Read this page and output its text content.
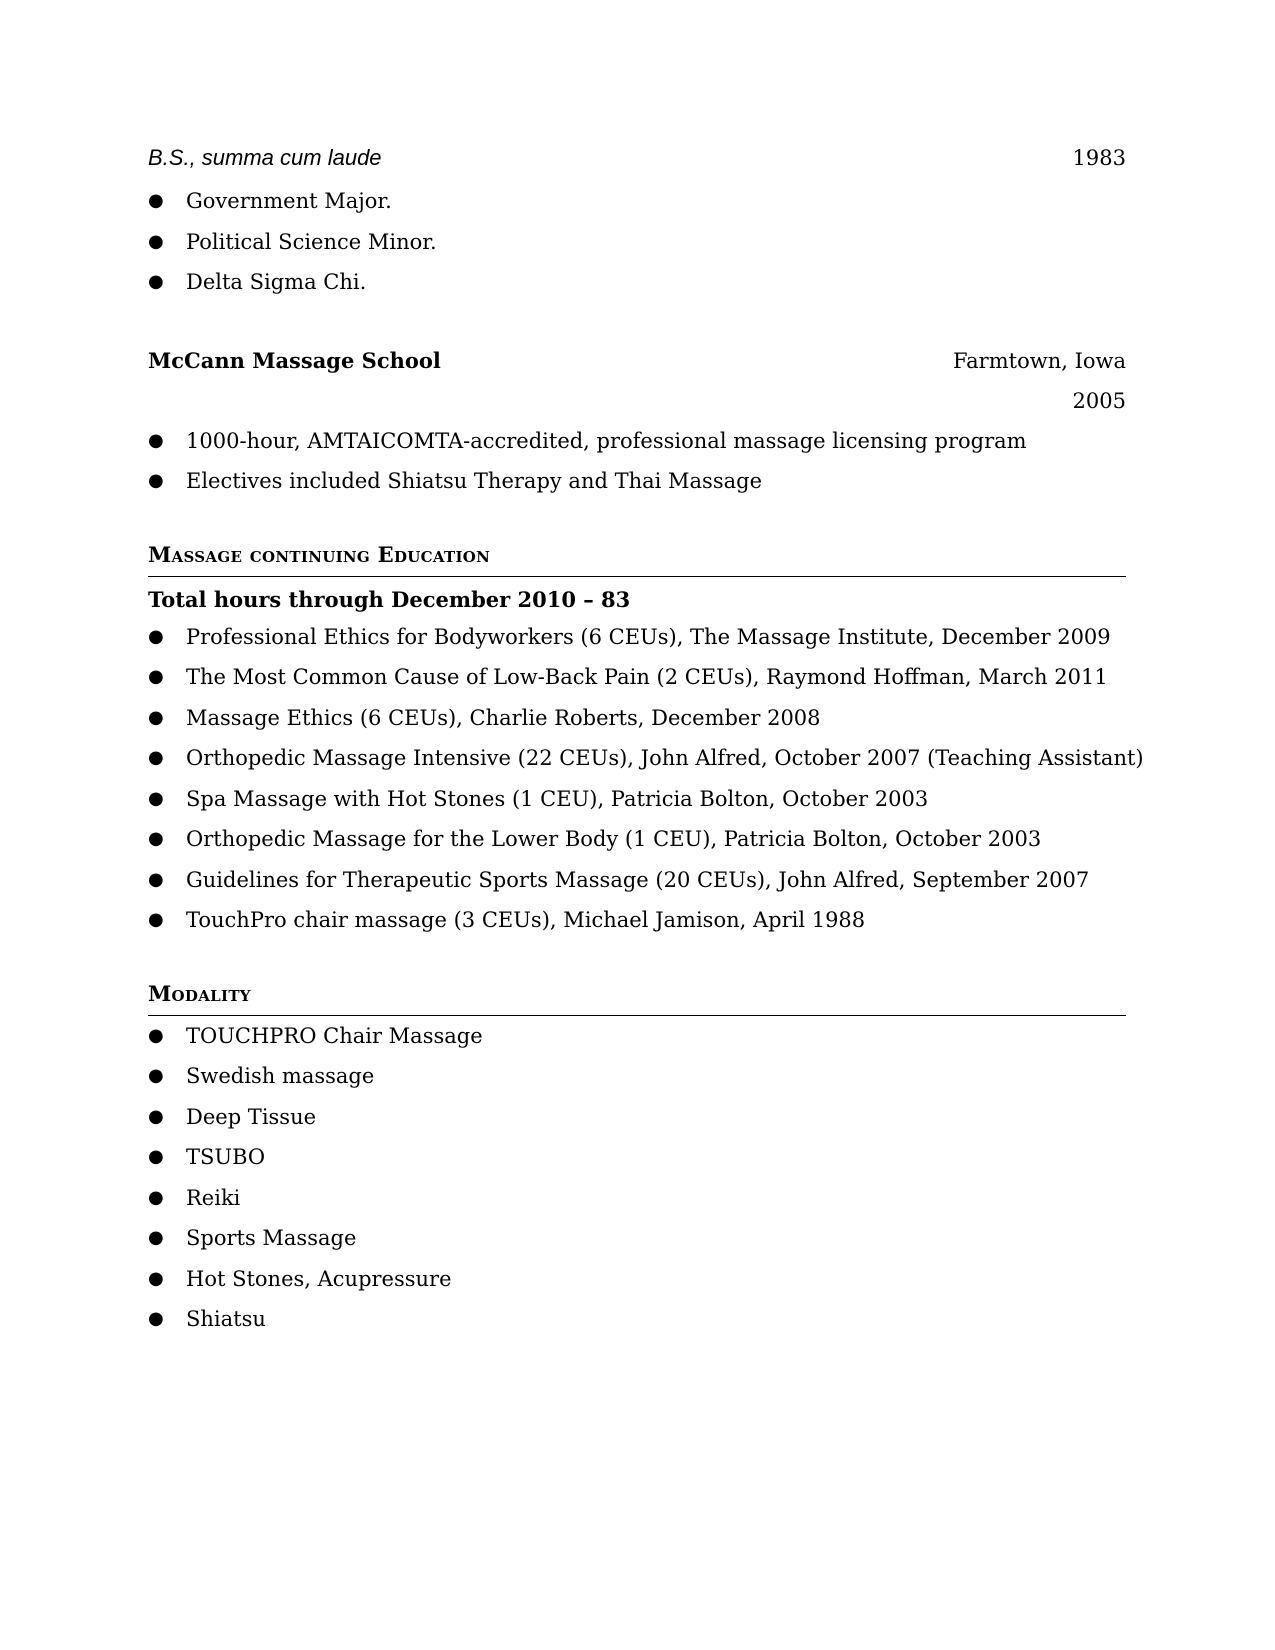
B.S., summa cum laude	1983
● Government Major.
● Political Science Minor.
● Delta Sigma Chi.
McCann Massage School	Farmtown, Iowa
2005
● 1000-hour, AMTAICOMTA-accredited, professional massage licensing program
● Electives included Shiatsu Therapy and Thai Massage
Massage continuing Education
Total hours through December 2010 – 83
● Professional Ethics for Bodyworkers (6 CEUs), The Massage Institute, December 2009
● The Most Common Cause of Low-Back Pain (2 CEUs), Raymond Hoffman, March 2011
● Massage Ethics (6 CEUs), Charlie Roberts, December 2008
● Orthopedic Massage Intensive (22 CEUs), John Alfred, October 2007 (Teaching Assistant)
● Spa Massage with Hot Stones (1 CEU), Patricia Bolton, October 2003
● Orthopedic Massage for the Lower Body (1 CEU), Patricia Bolton, October 2003
● Guidelines for Therapeutic Sports Massage (20 CEUs), John Alfred, September 2007
● TouchPro chair massage (3 CEUs), Michael Jamison, April 1988
Modality
● TOUCHPRO Chair Massage
● Swedish massage
● Deep Tissue
● TSUBO
● Reiki
● Sports Massage
● Hot Stones, Acupressure
● Shiatsu
